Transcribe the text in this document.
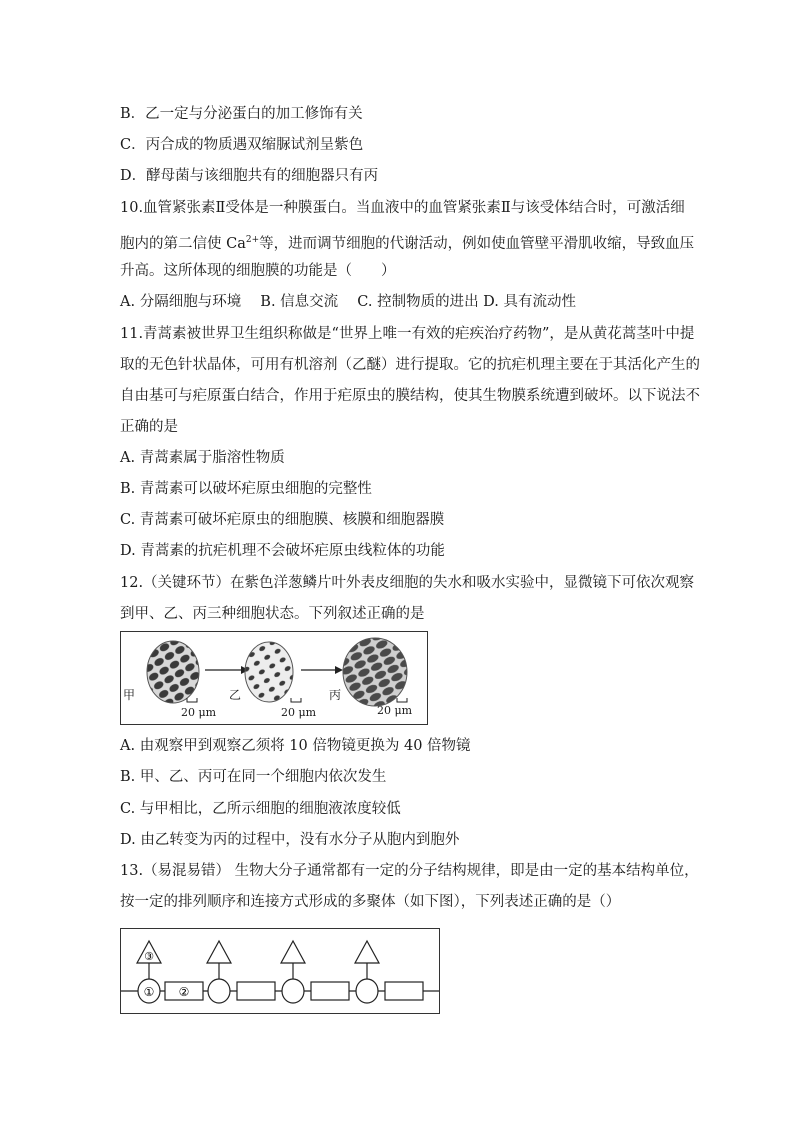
B．乙一定与分泌蛋白的加工修饰有关
C．丙合成的物质遇双缩脲试剂呈紫色
D．酵母菌与该细胞共有的细胞器只有丙
10.血管紧张素Ⅱ受体是一种膜蛋白。当血液中的血管紧张素Ⅱ与该受体结合时，可激活细
胞内的第二信使 $Ca^{2+}$等，进而调节细胞的代谢活动，例如使血管壁平滑肌收缩，导致血压
升高。这所体现的细胞膜的功能是（　　）
A. 分隔细胞与环境　 B. 信息交流　 C. 控制物质的进出 D. 具有流动性
11.青蒿素被世界卫生组织称做是“世界上唯一有效的疟疾治疗药物”，是从黄花蒿茎叶中提
取的无色针状晶体，可用有机溶剂（乙醚）进行提取。它的抗疟机理主要在于其活化产生的
自由基可与疟原蛋白结合，作用于疟原虫的膜结构，使其生物膜系统遭到破坏。以下说法不
正确的是
A. 青蒿素属于脂溶性物质
B. 青蒿素可以破坏疟原虫细胞的完整性
C. 青蒿素可破坏疟原虫的细胞膜、核膜和细胞器膜
D. 青蒿素的抗疟机理不会破坏疟原虫线粒体的功能
12.（关键环节）在紫色洋葱鳞片叶外表皮细胞的失水和吸水实验中，显微镜下可依次观察
到甲、乙、丙三种细胞状态。下列叙述正确的是
甲	乙	丙
20 μm	20 μm	20 μm
A. 由观察甲到观察乙须将 10 倍物镜更换为 40 倍物镜
B. 甲、乙、丙可在同一个细胞内依次发生
C. 与甲相比，乙所示细胞的细胞液浓度较低
D. 由乙转变为丙的过程中，没有水分子从胞内到胞外
13.（易混易错） 生物大分子通常都有一定的分子结构规律，即是由一定的基本结构单位，
按一定的排列顺序和连接方式形成的多聚体（如下图），下列表述正确的是（）
① ②
③
